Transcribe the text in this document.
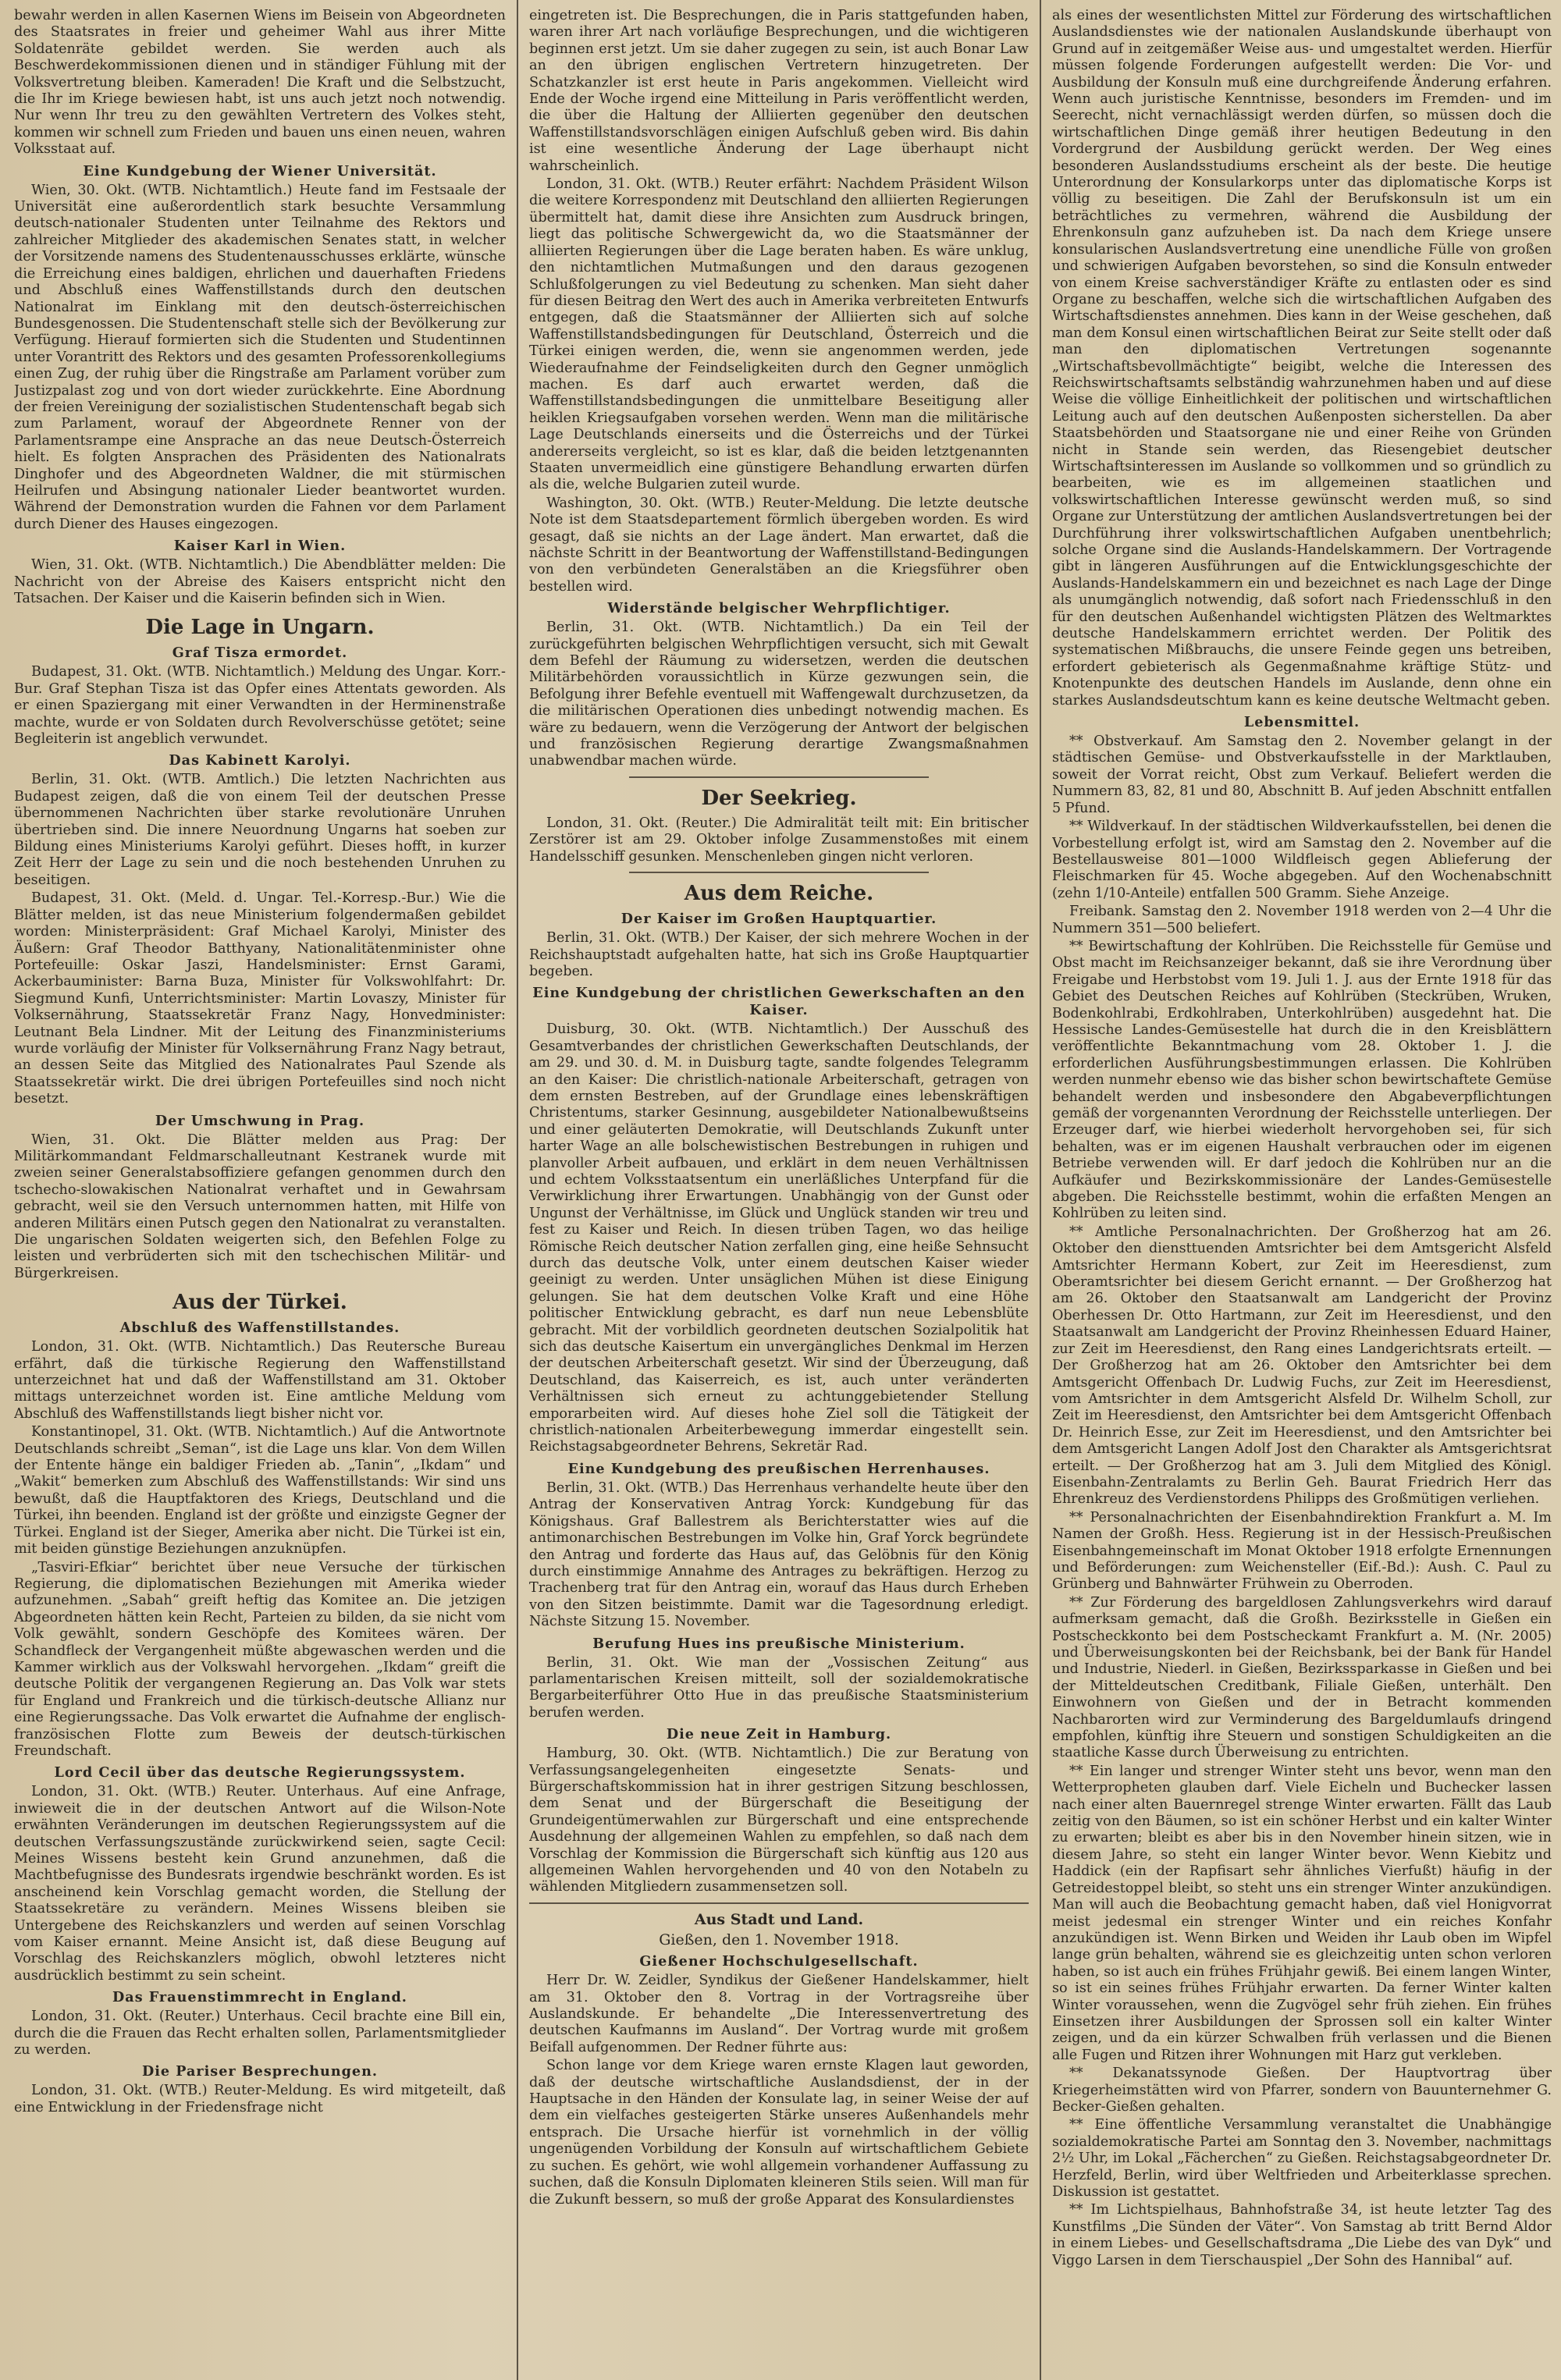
bewahr werden in allen Kasernen Wiens im Beisein von Abgeordneten des Staatsrates in freier und geheimer Wahl aus ihrer Mitte Soldatenräte gebildet werden. Sie werden auch als Beschwerdekommissionen dienen und in ständiger Fühlung mit der Volksvertretung bleiben. Kameraden! Die Kraft und die Selbstzucht, die Ihr im Kriege bewiesen habt, ist uns auch jetzt noch notwendig. Nur wenn Ihr treu zu den gewählten Vertretern des Volkes steht, kommen wir schnell zum Frieden und bauen uns einen neuen, wahren Volksstaat auf.

Eine Kundgebung der Wiener Universität.

Wien, 30. Okt. (WTB. Nichtamtlich.) Heute fand im Festsaale der Universität eine außerordentlich stark besuchte Versammlung deutsch-nationaler Studenten unter Teilnahme des Rektors und zahlreicher Mitglieder des akademischen Senates statt, in welcher der Vorsitzende namens des Studentenausschusses erklärte, wünsche die Erreichung eines baldigen, ehrlichen und dauerhaften Friedens und Abschluß eines Waffenstillstands durch den deutschen Nationalrat im Einklang mit den deutsch-österreichischen Bundesgenossen. Die Studentenschaft stelle sich der Bevölkerung zur Verfügung. Hierauf formierten sich die Studenten und Studentinnen unter Vorantritt des Rektors und des gesamten Professorenkollegiums einen Zug, der ruhig über die Ringstraße am Parlament vorüber zum Justizpalast zog und von dort wieder zurückkehrte. Eine Abordnung der freien Vereinigung der sozialistischen Studentenschaft begab sich zum Parlament, worauf der Abgeordnete Renner von der Parlamentsrampe eine Ansprache an das neue Deutsch-Österreich hielt. Es folgten Ansprachen des Präsidenten des Nationalrats Dinghofer und des Abgeordneten Waldner, die mit stürmischen Heilrufen und Absingung nationaler Lieder beantwortet wurden. Während der Demonstration wurden die Fahnen vor dem Parlament durch Diener des Hauses eingezogen.

Kaiser Karl in Wien.

Wien, 31. Okt. (WTB. Nichtamtlich.) Die Abendblätter melden: Die Nachricht von der Abreise des Kaisers entspricht nicht den Tatsachen. Der Kaiser und die Kaiserin befinden sich in Wien.

Die Lage in Ungarn.
Graf Tisza ermordet.

Budapest, 31. Okt. (WTB. Nichtamtlich.) Meldung des Ungar. Korr.-Bur. Graf Stephan Tisza ist das Opfer eines Attentats geworden. Als er einen Spaziergang mit einer Verwandten in der Herminenstraße machte, wurde er von Soldaten durch Revolverschüsse getötet; seine Begleiterin ist angeblich verwundet.

Das Kabinett Karolyi.

Berlin, 31. Okt. (WTB. Amtlich.) Die letzten Nachrichten aus Budapest zeigen, daß die von einem Teil der deutschen Presse übernommenen Nachrichten über starke revolutionäre Unruhen übertrieben sind. Die innere Neuordnung Ungarns hat soeben zur Bildung eines Ministeriums Karolyi geführt. Dieses hofft, in kurzer Zeit Herr der Lage zu sein und die noch bestehenden Unruhen zu beseitigen.

Budapest, 31. Okt. (Meld. d. Ungar. Tel.-Korresp.-Bur.) Wie die Blätter melden, ist das neue Ministerium folgendermaßen gebildet worden: Ministerpräsident: Graf Michael Karolyi, Minister des Äußern: Graf Theodor Batthyany, Nationalitätenminister ohne Portefeuille: Oskar Jaszi, Handelsminister: Ernst Garami, Ackerbauminister: Barna Buza, Minister für Volkswohlfahrt: Dr. Siegmund Kunfi, Unterrichtsminister: Martin Lovaszy, Minister für Volksernährung, Staatssekretär Franz Nagy, Honvedminister: Leutnant Bela Lindner. Mit der Leitung des Finanzministeriums wurde vorläufig der Minister für Volksernährung Franz Nagy betraut, an dessen Seite das Mitglied des Nationalrates Paul Szende als Staatssekretär wirkt. Die drei übrigen Portefeuilles sind noch nicht besetzt.

Der Umschwung in Prag.

Wien, 31. Okt. Die Blätter melden aus Prag: Der Militärkommandant Feldmarschalleutnant Kestranek wurde mit zweien seiner Generalstabsoffiziere gefangen genommen durch den tschecho-slowakischen Nationalrat verhaftet und in Gewahrsam gebracht, weil sie den Versuch unternommen hatten, mit Hilfe von anderen Militärs einen Putsch gegen den Nationalrat zu veranstalten. Die ungarischen Soldaten weigerten sich, den Befehlen Folge zu leisten und verbrüderten sich mit den tschechischen Militär- und Bürgerkreisen.

Aus der Türkei.
Abschluß des Waffenstillstandes.

London, 31. Okt. (WTB. Nichtamtlich.) Das Reutersche Bureau erfährt, daß die türkische Regierung den Waffenstillstand unterzeichnet hat und daß der Waffenstillstand am 31. Oktober mittags unterzeichnet worden ist. Eine amtliche Meldung vom Abschluß des Waffenstillstands liegt bisher nicht vor.

Konstantinopel, 31. Okt. (WTB. Nichtamtlich.) Auf die Antwortnote Deutschlands schreibt „Seman“, ist die Lage uns klar. Von dem Willen der Entente hänge ein baldiger Frieden ab. „Tanin“, „Ikdam“ und „Wakit“ bemerken zum Abschluß des Waffenstillstands: Wir sind uns bewußt, daß die Hauptfaktoren des Kriegs, Deutschland und die Türkei, ihn beenden. England ist der größte und einzigste Gegner der Türkei. England ist der Sieger, Amerika aber nicht. Die Türkei ist ein, mit beiden günstige Beziehungen anzuknüpfen.

„Tasviri-Efkiar“ berichtet über neue Versuche der türkischen Regierung, die diplomatischen Beziehungen mit Amerika wieder aufzunehmen. „Sabah“ greift heftig das Komitee an. Die jetzigen Abgeordneten hätten kein Recht, Parteien zu bilden, da sie nicht vom Volk gewählt, sondern Geschöpfe des Komitees wären. Der Schandfleck der Vergangenheit müßte abgewaschen werden und die Kammer wirklich aus der Volkswahl hervorgehen. „Ikdam“ greift die deutsche Politik der vergangenen Regierung an. Das Volk war stets für England und Frankreich und die türkisch-deutsche Allianz nur eine Regierungssache. Das Volk erwartet die Aufnahme der englisch-französischen Flotte zum Beweis der deutsch-türkischen Freundschaft.

Lord Cecil über das deutsche Regierungssystem.

London, 31. Okt. (WTB.) Reuter. Unterhaus. Auf eine Anfrage, inwieweit die in der deutschen Antwort auf die Wilson-Note erwähnten Veränderungen im deutschen Regierungssystem auf die deutschen Verfassungszustände zurückwirkend seien, sagte Cecil: Meines Wissens besteht kein Grund anzunehmen, daß die Machtbefugnisse des Bundesrats irgendwie beschränkt worden. Es ist anscheinend kein Vorschlag gemacht worden, die Stellung der Staatssekretäre zu verändern. Meines Wissens bleiben sie Untergebene des Reichskanzlers und werden auf seinen Vorschlag vom Kaiser ernannt. Meine Ansicht ist, daß diese Beugung auf Vorschlag des Reichskanzlers möglich, obwohl letzteres nicht ausdrücklich bestimmt zu sein scheint.

Das Frauenstimmrecht in England.

London, 31. Okt. (Reuter.) Unterhaus. Cecil brachte eine Bill ein, durch die die Frauen das Recht erhalten sollen, Parlamentsmitglieder zu werden.

Die Pariser Besprechungen.

London, 31. Okt. (WTB.) Reuter-Meldung. Es wird mitgeteilt, daß eine Entwicklung in der Friedensfrage nicht

eingetreten ist. Die Besprechungen, die in Paris stattgefunden haben, waren ihrer Art nach vorläufige Besprechungen, und die wichtigeren beginnen erst jetzt. Um sie daher zugegen zu sein, ist auch Bonar Law an den übrigen englischen Vertretern hinzugetreten. Der Schatzkanzler ist erst heute in Paris angekommen. Vielleicht wird Ende der Woche irgend eine Mitteilung in Paris veröffentlicht werden, die über die Haltung der Alliierten gegenüber den deutschen Waffenstillstandsvorschlägen einigen Aufschluß geben wird. Bis dahin ist eine wesentliche Änderung der Lage überhaupt nicht wahrscheinlich.

London, 31. Okt. (WTB.) Reuter erfährt: Nachdem Präsident Wilson die weitere Korrespondenz mit Deutschland den alliierten Regierungen übermittelt hat, damit diese ihre Ansichten zum Ausdruck bringen, liegt das politische Schwergewicht da, wo die Staatsmänner der alliierten Regierungen über die Lage beraten haben. Es wäre unklug, den nichtamtlichen Mutmaßungen und den daraus gezogenen Schlußfolgerungen zu viel Bedeutung zu schenken. Man sieht daher für diesen Beitrag den Wert des auch in Amerika verbreiteten Entwurfs entgegen, daß die Staatsmänner der Alliierten sich auf solche Waffenstillstandsbedingungen für Deutschland, Österreich und die Türkei einigen werden, die, wenn sie angenommen werden, jede Wiederaufnahme der Feindseligkeiten durch den Gegner unmöglich machen. Es darf auch erwartet werden, daß die Waffenstillstandsbedingungen die unmittelbare Beseitigung aller heiklen Kriegsaufgaben vorsehen werden. Wenn man die militärische Lage Deutschlands einerseits und die Österreichs und der Türkei andererseits vergleicht, so ist es klar, daß die beiden letztgenannten Staaten unvermeidlich eine günstigere Behandlung erwarten dürfen als die, welche Bulgarien zuteil wurde.

Washington, 30. Okt. (WTB.) Reuter-Meldung. Die letzte deutsche Note ist dem Staatsdepartement förmlich übergeben worden. Es wird gesagt, daß sie nichts an der Lage ändert. Man erwartet, daß die nächste Schritt in der Beantwortung der Waffenstillstand-Bedingungen von den verbündeten Generalstäben an die Kriegsführer oben bestellen wird.

Widerstände belgischer Wehrpflichtiger.

Berlin, 31. Okt. (WTB. Nichtamtlich.) Da ein Teil der zurückgeführten belgischen Wehrpflichtigen versucht, sich mit Gewalt dem Befehl der Räumung zu widersetzen, werden die deutschen Militärbehörden voraussichtlich in Kürze gezwungen sein, die Befolgung ihrer Befehle eventuell mit Waffengewalt durchzusetzen, da die militärischen Operationen dies unbedingt notwendig machen. Es wäre zu bedauern, wenn die Verzögerung der Antwort der belgischen und französischen Regierung derartige Zwangsmaßnahmen unabwendbar machen würde.

Der Seekrieg.

London, 31. Okt. (Reuter.) Die Admiralität teilt mit: Ein britischer Zerstörer ist am 29. Oktober infolge Zusammenstoßes mit einem Handelsschiff gesunken. Menschenleben gingen nicht verloren.

Aus dem Reiche.
Der Kaiser im Großen Hauptquartier.

Berlin, 31. Okt. (WTB.) Der Kaiser, der sich mehrere Wochen in der Reichshauptstadt aufgehalten hatte, hat sich ins Große Hauptquartier begeben.

Eine Kundgebung der christlichen Gewerkschaften an den Kaiser.

Duisburg, 30. Okt. (WTB. Nichtamtlich.) Der Ausschuß des Gesamtverbandes der christlichen Gewerkschaften Deutschlands, der am 29. und 30. d. M. in Duisburg tagte, sandte folgendes Telegramm an den Kaiser: Die christlich-nationale Arbeiterschaft, getragen von dem ernsten Bestreben, auf der Grundlage eines lebenskräftigen Christentums, starker Gesinnung, ausgebildeter Nationalbewußtseins und einer geläuterten Demokratie, will Deutschlands Zukunft unter harter Wage an alle bolschewistischen Bestrebungen in ruhigen und planvoller Arbeit aufbauen, und erklärt in dem neuen Verhältnissen und echtem Volksstaatsentum ein unerläßliches Unterpfand für die Verwirklichung ihrer Erwartungen. Unabhängig von der Gunst oder Ungunst der Verhältnisse, im Glück und Unglück standen wir treu und fest zu Kaiser und Reich. In diesen trüben Tagen, wo das heilige Römische Reich deutscher Nation zerfallen ging, eine heiße Sehnsucht durch das deutsche Volk, unter einem deutschen Kaiser wieder geeinigt zu werden. Unter unsäglichen Mühen ist diese Einigung gelungen. Sie hat dem deutschen Volke Kraft und eine Höhe politischer Entwicklung gebracht, es darf nun neue Lebensblüte gebracht. Mit der vorbildlich geordneten deutschen Sozialpolitik hat sich das deutsche Kaisertum ein unvergängliches Denkmal im Herzen der deutschen Arbeiterschaft gesetzt. Wir sind der Überzeugung, daß Deutschland, das Kaiserreich, es ist, auch unter veränderten Verhältnissen sich erneut zu achtunggebietender Stellung emporarbeiten wird. Auf dieses hohe Ziel soll die Tätigkeit der christlich-nationalen Arbeiterbewegung immerdar eingestellt sein. Reichstagsabgeordneter Behrens, Sekretär Rad.

Eine Kundgebung des preußischen Herrenhauses.

Berlin, 31. Okt. (WTB.) Das Herrenhaus verhandelte heute über den Antrag der Konservativen Antrag Yorck: Kundgebung für das Königshaus. Graf Ballestrem als Berichterstatter wies auf die antimonarchischen Bestrebungen im Volke hin, Graf Yorck begründete den Antrag und forderte das Haus auf, das Gelöbnis für den König durch einstimmige Annahme des Antrages zu bekräftigen. Herzog zu Trachenberg trat für den Antrag ein, worauf das Haus durch Erheben von den Sitzen beistimmte. Damit war die Tagesordnung erledigt. Nächste Sitzung 15. November.

Berufung Hues ins preußische Ministerium.

Berlin, 31. Okt. Wie man der „Vossischen Zeitung“ aus parlamentarischen Kreisen mitteilt, soll der sozialdemokratische Bergarbeiterführer Otto Hue in das preußische Staatsministerium berufen werden.

Die neue Zeit in Hamburg.

Hamburg, 30. Okt. (WTB. Nichtamtlich.) Die zur Beratung von Verfassungsangelegenheiten eingesetzte Senats- und Bürgerschaftskommission hat in ihrer gestrigen Sitzung beschlossen, dem Senat und der Bürgerschaft die Beseitigung der Grundeigentümerwahlen zur Bürgerschaft und eine entsprechende Ausdehnung der allgemeinen Wahlen zu empfehlen, so daß nach dem Vorschlag der Kommission die Bürgerschaft sich künftig aus 120 aus allgemeinen Wahlen hervorgehenden und 40 von den Notabeln zu wählenden Mitgliedern zusammensetzen soll.

Aus Stadt und Land.
Gießen, den 1. November 1918.
Gießener Hochschulgesellschaft.

Herr Dr. W. Zeidler, Syndikus der Gießener Handelskammer, hielt am 31. Oktober den 8. Vortrag in der Vortragsreihe über Auslandskunde. Er behandelte „Die Interessenvertretung des deutschen Kaufmanns im Ausland“. Der Vortrag wurde mit großem Beifall aufgenommen. Der Redner führte aus:

Schon lange vor dem Kriege waren ernste Klagen laut geworden, daß der deutsche wirtschaftliche Auslandsdienst, der in der Hauptsache in den Händen der Konsulate lag, in seiner Weise der auf dem ein vielfaches gesteigerten Stärke unseres Außenhandels mehr entsprach. Die Ursache hierfür ist vornehmlich in der völlig ungenügenden Vorbildung der Konsuln auf wirtschaftlichem Gebiete zu suchen. Es gehört, wie wohl allgemein vorhandener Auffassung zu suchen, daß die Konsuln Diplomaten kleineren Stils seien. Will man für die Zukunft bessern, so muß der große Apparat des Konsulardienstes

als eines der wesentlichsten Mittel zur Förderung des wirtschaftlichen Auslandsdienstes wie der nationalen Auslandskunde überhaupt von Grund auf in zeitgemäßer Weise aus- und umgestaltet werden. Hierfür müssen folgende Forderungen aufgestellt werden: Die Vor- und Ausbildung der Konsuln muß eine durchgreifende Änderung erfahren. Wenn auch juristische Kenntnisse, besonders im Fremden- und im Seerecht, nicht vernachlässigt werden dürfen, so müssen doch die wirtschaftlichen Dinge gemäß ihrer heutigen Bedeutung in den Vordergrund der Ausbildung gerückt werden. Der Weg eines besonderen Auslandsstudiums erscheint als der beste. Die heutige Unterordnung der Konsularkorps unter das diplomatische Korps ist völlig zu beseitigen. Die Zahl der Berufskonsuln ist um ein beträchtliches zu vermehren, während die Ausbildung der Ehrenkonsuln ganz aufzuheben ist. Da nach dem Kriege unsere konsularischen Auslandsvertretung eine unendliche Fülle von großen und schwierigen Aufgaben bevorstehen, so sind die Konsuln entweder von einem Kreise sachverständiger Kräfte zu entlasten oder es sind Organe zu beschaffen, welche sich die wirtschaftlichen Aufgaben des Wirtschaftsdienstes annehmen. Dies kann in der Weise geschehen, daß man dem Konsul einen wirtschaftlichen Beirat zur Seite stellt oder daß man den diplomatischen Vertretungen sogenannte „Wirtschaftsbevollmächtigte“ beigibt, welche die Interessen des Reichswirtschaftsamts selbständig wahrzunehmen haben und auf diese Weise die völlige Einheitlichkeit der politischen und wirtschaftlichen Leitung auch auf den deutschen Außenposten sicherstellen. Da aber Staatsbehörden und Staatsorgane nie und einer Reihe von Gründen nicht in Stande sein werden, das Riesengebiet deutscher Wirtschaftsinteressen im Auslande so vollkommen und so gründlich zu bearbeiten, wie es im allgemeinen staatlichen und volkswirtschaftlichen Interesse gewünscht werden muß, so sind Organe zur Unterstützung der amtlichen Auslandsvertretungen bei der Durchführung ihrer volkswirtschaftlichen Aufgaben unentbehrlich; solche Organe sind die Auslands-Handelskammern. Der Vortragende gibt in längeren Ausführungen auf die Entwicklungsgeschichte der Auslands-Handelskammern ein und bezeichnet es nach Lage der Dinge als unumgänglich notwendig, daß sofort nach Friedensschluß in den für den deutschen Außenhandel wichtigsten Plätzen des Weltmarktes deutsche Handelskammern errichtet werden. Der Politik des systematischen Mißbrauchs, die unsere Feinde gegen uns betreiben, erfordert gebieterisch als Gegenmaßnahme kräftige Stütz- und Knotenpunkte des deutschen Handels im Auslande, denn ohne ein starkes Auslandsdeutschtum kann es keine deutsche Weltmacht geben.

Lebensmittel.

** Obstverkauf. Am Samstag den 2. November gelangt in der städtischen Gemüse- und Obstverkaufsstelle in der Marktlauben, soweit der Vorrat reicht, Obst zum Verkauf. Beliefert werden die Nummern 83, 82, 81 und 80, Abschnitt B. Auf jeden Abschnitt entfallen 5 Pfund.

** Wildverkauf. In der städtischen Wildverkaufsstellen, bei denen die Vorbestellung erfolgt ist, wird am Samstag den 2. November auf die Bestellausweise 801—1000 Wildfleisch gegen Ablieferung der Fleischmarken für 45. Woche abgegeben. Auf den Wochenabschnitt (zehn 1/10-Anteile) entfallen 500 Gramm. Siehe Anzeige.

Freibank. Samstag den 2. November 1918 werden von 2—4 Uhr die Nummern 351—500 beliefert.

** Bewirtschaftung der Kohlrüben. Die Reichsstelle für Gemüse und Obst macht im Reichsanzeiger bekannt, daß sie ihre Verordnung über Freigabe und Herbstobst vom 19. Juli 1. J. aus der Ernte 1918 für das Gebiet des Deutschen Reiches auf Kohlrüben (Steckrüben, Wruken, Bodenkohlrabi, Erdkohlraben, Unterkohlrüben) ausgedehnt hat. Die Hessische Landes-Gemüsestelle hat durch die in den Kreisblättern veröffentlichte Bekanntmachung vom 28. Oktober 1. J. die erforderlichen Ausführungsbestimmungen erlassen. Die Kohlrüben werden nunmehr ebenso wie das bisher schon bewirtschaftete Gemüse behandelt werden und insbesondere den Abgabeverpflichtungen gemäß der vorgenannten Verordnung der Reichsstelle unterliegen. Der Erzeuger darf, wie hierbei wiederholt hervorgehoben sei, für sich behalten, was er im eigenen Haushalt verbrauchen oder im eigenen Betriebe verwenden will. Er darf jedoch die Kohlrüben nur an die Aufkäufer und Bezirkskommissionäre der Landes-Gemüsestelle abgeben. Die Reichsstelle bestimmt, wohin die erfaßten Mengen an Kohlrüben zu leiten sind.

** Amtliche Personalnachrichten. Der Großherzog hat am 26. Oktober den diensttuenden Amtsrichter bei dem Amtsgericht Alsfeld Amtsrichter Hermann Kobert, zur Zeit im Heeresdienst, zum Oberamtsrichter bei diesem Gericht ernannt. — Der Großherzog hat am 26. Oktober den Staatsanwalt am Landgericht der Provinz Oberhessen Dr. Otto Hartmann, zur Zeit im Heeresdienst, und den Staatsanwalt am Landgericht der Provinz Rheinhessen Eduard Hainer, zur Zeit im Heeresdienst, den Rang eines Landgerichtsrats erteilt. — Der Großherzog hat am 26. Oktober den Amtsrichter bei dem Amtsgericht Offenbach Dr. Ludwig Fuchs, zur Zeit im Heeresdienst, vom Amtsrichter in dem Amtsgericht Alsfeld Dr. Wilhelm Scholl, zur Zeit im Heeresdienst, den Amtsrichter bei dem Amtsgericht Offenbach Dr. Heinrich Esse, zur Zeit im Heeresdienst, und den Amtsrichter bei dem Amtsgericht Langen Adolf Jost den Charakter als Amtsgerichtsrat erteilt. — Der Großherzog hat am 3. Juli dem Mitglied des Königl. Eisenbahn-Zentralamts zu Berlin Geh. Baurat Friedrich Herr das Ehrenkreuz des Verdienstordens Philipps des Großmütigen verliehen.

** Personalnachrichten der Eisenbahndirektion Frankfurt a. M. Im Namen der Großh. Hess. Regierung ist in der Hessisch-Preußischen Eisenbahngemeinschaft im Monat Oktober 1918 erfolgte Ernennungen und Beförderungen: zum Weichensteller (Eif.-Bd.): Aush. C. Paul zu Grünberg und Bahnwärter Frühwein zu Oberroden.

** Zur Förderung des bargeldlosen Zahlungsverkehrs wird darauf aufmerksam gemacht, daß die Großh. Bezirksstelle in Gießen ein Postscheckkonto bei dem Postscheckamt Frankfurt a. M. (Nr. 2005) und Überweisungskonten bei der Reichsbank, bei der Bank für Handel und Industrie, Niederl. in Gießen, Bezirkssparkasse in Gießen und bei der Mitteldeutschen Creditbank, Filiale Gießen, unterhält. Den Einwohnern von Gießen und der in Betracht kommenden Nachbarorten wird zur Verminderung des Bargeldumlaufs dringend empfohlen, künftig ihre Steuern und sonstigen Schuldigkeiten an die staatliche Kasse durch Überweisung zu entrichten.

** Ein langer und strenger Winter steht uns bevor, wenn man den Wetterpropheten glauben darf. Viele Eicheln und Buchecker lassen nach einer alten Bauernregel strenge Winter erwarten. Fällt das Laub zeitig von den Bäumen, so ist ein schöner Herbst und ein kalter Winter zu erwarten; bleibt es aber bis in den November hinein sitzen, wie in diesem Jahre, so steht ein langer Winter bevor. Wenn Kiebitz und Haddick (ein der Rapfisart sehr ähnliches Vierfußt) häufig in der Getreidestoppel bleibt, so steht uns ein strenger Winter anzukündigen. Man will auch die Beobachtung gemacht haben, daß viel Honigvorrat meist jedesmal ein strenger Winter und ein reiches Konfahr anzukündigen ist. Wenn Birken und Weiden ihr Laub oben im Wipfel lange grün behalten, während sie es gleichzeitig unten schon verloren haben, so ist auch ein frühes Frühjahr gewiß. Bei einem langen Winter, so ist ein seines frühes Frühjahr erwarten. Da ferner Winter kalten Winter voraussehen, wenn die Zugvögel sehr früh ziehen. Ein frühes Einsetzen ihrer Ausbildungen der Sprossen soll ein kalter Winter zeigen, und da ein kürzer Schwalben früh verlassen und die Bienen alle Fugen und Ritzen ihrer Wohnungen mit Harz gut verkleben.

** Dekanatssynode Gießen. Der Hauptvortrag über Kriegerheimstätten wird von Pfarrer, sondern von Bauunternehmer G. Becker-Gießen gehalten.

** Eine öffentliche Versammlung veranstaltet die Unabhängige sozialdemokratische Partei am Sonntag den 3. November, nachmittags 2½ Uhr, im Lokal „Fächerchen“ zu Gießen. Reichstagsabgeordneter Dr. Herzfeld, Berlin, wird über Weltfrieden und Arbeiterklasse sprechen. Diskussion ist gestattet.

** Im Lichtspielhaus, Bahnhofstraße 34, ist heute letzter Tag des Kunstfilms „Die Sünden der Väter“. Von Samstag ab tritt Bernd Aldor in einem Liebes- und Gesellschaftsdrama „Die Liebe des van Dyk“ und Viggo Larsen in dem Tierschauspiel „Der Sohn des Hannibal“ auf.
